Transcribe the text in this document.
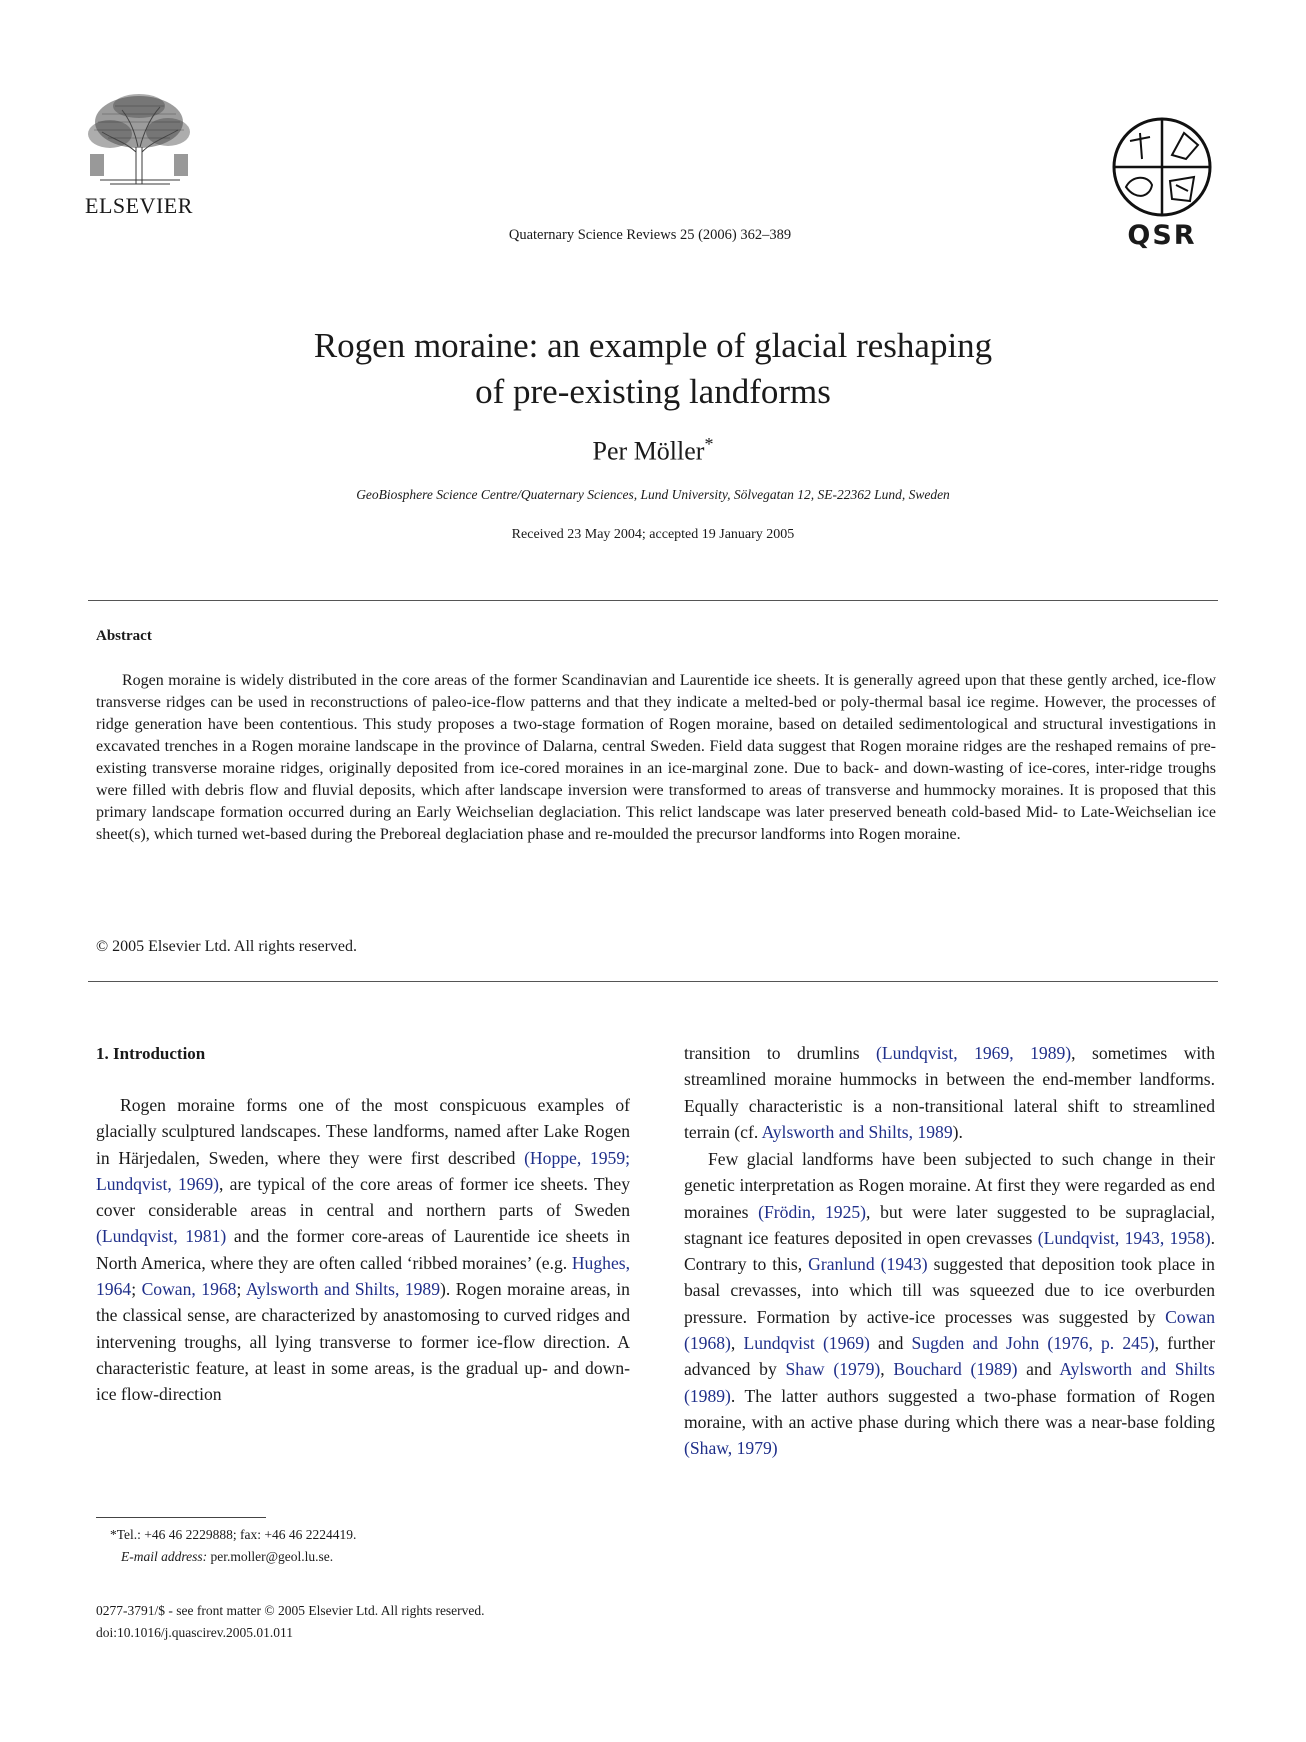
ELSEVIER
Quaternary Science Reviews 25 (2006) 362–389	QSR
Rogen moraine: an example of glacial reshaping
of pre-existing landforms
Per Möller*
GeoBiosphere Science Centre/Quaternary Sciences, Lund University, Sölvegatan 12, SE-22362 Lund, Sweden
Received 23 May 2004; accepted 19 January 2005
Abstract
Rogen moraine is widely distributed in the core areas of the former Scandinavian and Laurentide ice sheets. It is generally agreed upon that these gently arched, ice-flow transverse ridges can be used in reconstructions of paleo-ice-flow patterns and that they indicate a melted-bed or poly-thermal basal ice regime. However, the processes of ridge generation have been contentious. This study proposes a two-stage formation of Rogen moraine, based on detailed sedimentological and structural investigations in excavated trenches in a Rogen moraine landscape in the province of Dalarna, central Sweden. Field data suggest that Rogen moraine ridges are the reshaped remains of pre-existing transverse moraine ridges, originally deposited from ice-cored moraines in an ice-marginal zone. Due to back- and down-wasting of ice-cores, inter-ridge troughs were filled with debris flow and fluvial deposits, which after landscape inversion were transformed to areas of transverse and hummocky moraines. It is proposed that this primary landscape formation occurred during an Early Weichselian deglaciation. This relict landscape was later preserved beneath cold-based Mid- to Late-Weichselian ice sheet(s), which turned wet-based during the Preboreal deglaciation phase and re-moulded the precursor landforms into Rogen moraine.
© 2005 Elsevier Ltd. All rights reserved.
1. Introduction
Rogen moraine forms one of the most conspicuous examples of glacially sculptured landscapes. These landforms, named after Lake Rogen in Härjedalen, Sweden, where they were first described (Hoppe, 1959; Lundqvist, 1969), are typical of the core areas of former ice sheets. They cover considerable areas in central and northern parts of Sweden (Lundqvist, 1981) and the former core-areas of Laurentide ice sheets in North America, where they are often called ‘ribbed moraines’ (e.g. Hughes, 1964; Cowan, 1968; Aylsworth and Shilts, 1989). Rogen moraine areas, in the classical sense, are characterized by anastomosing to curved ridges and intervening troughs, all lying transverse to former ice-flow direction. A characteristic feature, at least in some areas, is the gradual up- and down-ice flow-direction
transition to drumlins (Lundqvist, 1969, 1989), sometimes with streamlined moraine hummocks in between the end-member landforms. Equally characteristic is a non-transitional lateral shift to streamlined terrain (cf. Aylsworth and Shilts, 1989).
Few glacial landforms have been subjected to such change in their genetic interpretation as Rogen moraine. At first they were regarded as end moraines (Frödin, 1925), but were later suggested to be supraglacial, stagnant ice features deposited in open crevasses (Lundqvist, 1943, 1958). Contrary to this, Granlund (1943) suggested that deposition took place in basal crevasses, into which till was squeezed due to ice overburden pressure. Formation by active-ice processes was suggested by Cowan (1968), Lundqvist (1969) and Sugden and John (1976, p. 245), further advanced by Shaw (1979), Bouchard (1989) and Aylsworth and Shilts (1989). The latter authors suggested a two-phase formation of Rogen moraine, with an active phase during which there was a near-base folding (Shaw, 1979)
*Tel.: +46 46 2229888; fax: +46 46 2224419.
E-mail address: per.moller@geol.lu.se.
0277-3791/$ - see front matter © 2005 Elsevier Ltd. All rights reserved.
doi:10.1016/j.quascirev.2005.01.011
